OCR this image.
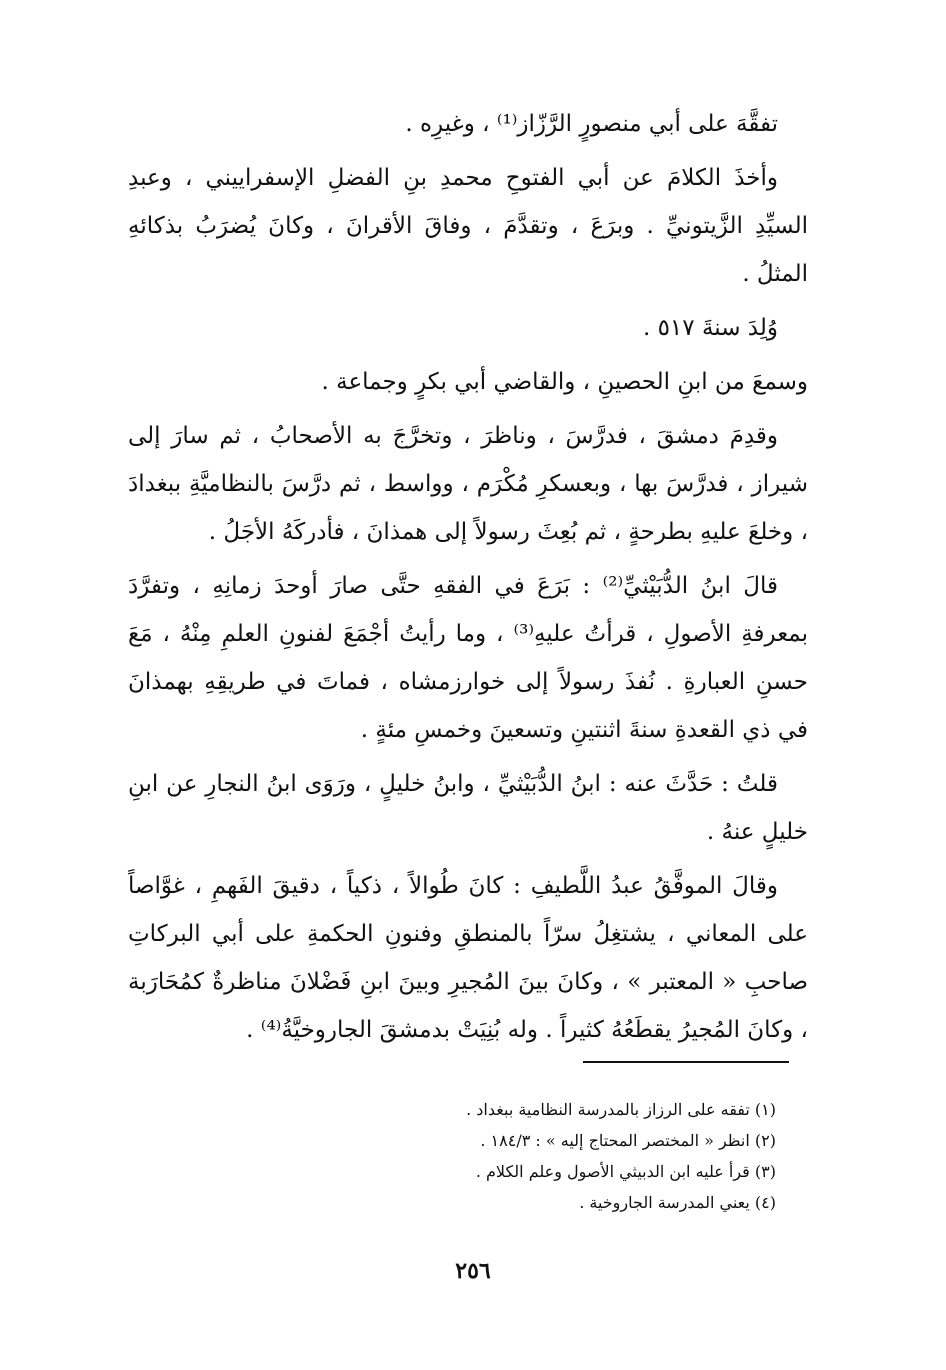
تفقَّهَ على أبي منصورٍ الرَّزّاز⁽¹⁾ ، وغيرِه .

وأخذَ الكلامَ عن أبي الفتوحِ محمدِ بنِ الفضلِ الإسفراييني ، وعبدِ السيِّدِ الزَّيتونيِّ . وبرَعَ ، وتقدَّمَ ، وفاقَ الأقرانَ ، وكانَ يُضرَبُ بذكائهِ المثلُ .

وُلِدَ سنةَ ٥١٧ .

وسمعَ من ابنِ الحصينِ ، والقاضي أبي بكرٍ وجماعة .

وقدِمَ دمشقَ ، فدرَّسَ ، وناظرَ ، وتخرَّجَ به الأصحابُ ، ثم سارَ إلى شيراز ، فدرَّسَ بها ، وبعسكرِ مُكْرَم ، وواسط ، ثم درَّسَ بالنظاميَّةِ ببغدادَ ، وخلعَ عليهِ بطرحةٍ ، ثم بُعِثَ رسولاً إلى همذانَ ، فأدركَهُ الأجَلُ .

قالَ ابنُ الدُّبَيْثيِّ⁽²⁾ : بَرَعَ في الفقهِ حتَّى صارَ أوحدَ زمانِهِ ، وتفرَّدَ بمعرفةِ الأصولِ ، قرأتُ عليهِ⁽³⁾ ، وما رأيتُ أجْمَعَ لفنونِ العلمِ مِنْهُ ، مَعَ حسنِ العبارةِ . نُفذَ رسولاً إلى خوارزمشاه ، فماتَ في طريقِهِ بهمذانَ في ذي القعدةِ سنةَ اثنتينِ وتسعينَ وخمسِ مئةٍ .

قلتُ : حَدَّثَ عنه : ابنُ الدُّبَيْثيِّ ، وابنُ خليلٍ ، ورَوَى ابنُ النجارِ عن ابنِ خليلٍ عنهُ .

وقالَ الموفَّقُ عبدُ اللَّطيفِ : كانَ طُوالاً ، ذكياً ، دقيقَ الفَهمِ ، غوَّاصاً على المعاني ، يشتغِلُ سرّاً بالمنطقِ وفنونِ الحكمةِ على أبي البركاتِ صاحبِ « المعتبر » ، وكانَ بينَ المُجيرِ وبينَ ابنِ فَضْلانَ مناظرةٌ كمُحَارَبة ، وكانَ المُجيرُ يقطَعُهُ كثيراً . وله بُنِيَتْ بدمشقَ الجاروخيَّةُ⁽⁴⁾ .

(١) تفقه على الرزاز بالمدرسة النظامية ببغداد .
(٢) انظر « المختصر المحتاج إليه » : ١٨٤/٣ .
(٣) قرأ عليه ابن الدبيثي الأصول وعلم الكلام .
(٤) يعني المدرسة الجاروخية .
٢٥٦
